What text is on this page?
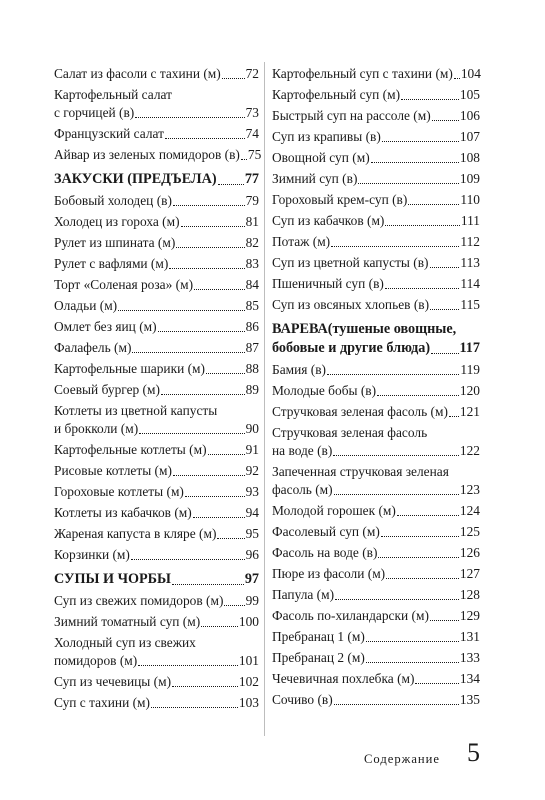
Салат из фасоли с тахини (м) 72
Картофельный салат
с горчицей (в)	73
Французский салат	74
Айвар из зеленых помидоров (в) 75
ЗАКУСКИ (ПРЕДЪЕЛА) 77
Бобовый холодец (в)	79
Холодец из гороха (м)	81
Рулет из шпината (м)	82
Рулет с вафлями (м)	83
Торт «Соленая роза» (м)	84
Оладьи (м)	85
Омлет без яиц (м)	86
Фалафель (м)	87
Картофельные шарики (м)	88
Соевый бургер (м)	89
Котлеты из цветной капусты
и брокколи (м)	90
Картофельные котлеты (м)	91
Рисовые котлеты (м)	92
Гороховые котлеты (м)	93
Котлеты из кабачков (м)	94
Жареная капуста в кляре (м) 95
Корзинки (м)	96
СУПЫ И ЧОРБЫ	97
Суп из свежих помидоров (м) 99
Зимний томатный суп (м)	100
Холодный суп из свежих
помидоров (м)	101
Суп из чечевицы (м)	102
Суп с тахини (м)	103
Картофельный суп с тахини (м) 104
Картофельный суп (м)	105
Быстрый суп на рассоле (м) 106
Суп из крапивы (в)	107
Овощной суп (м)	108
Зимний суп (в)	109
Гороховый крем-суп (в)	110
Суп из кабачков (м)	111
Потаж (м)	112
Суп из цветной капусты (в) 113
Пшеничный суп (в)	114
Суп из овсяных хлопьев (в) 115
ВАРЕВА(тушеные овощные,
бобовые и другие блюда) 117
Бамия (в)	119
Молодые бобы (в)	120
Стручковая зеленая фасоль (м) 121
Стручковая зеленая фасоль
на воде (в)	122
Запеченная стручковая зеленая
фасоль (м)	123
Молодой горошек (м)	124
Фасолевый суп (м)	125
Фасоль на воде (в)	126
Пюре из фасоли (м)	127
Папула (м)	128
Фасоль по-хиландарски (м) 129
Пребранац 1 (м)	131
Пребранац 2 (м)	133
Чечевичная похлебка (м)	134
Сочиво (в)	135
Содержание 5
